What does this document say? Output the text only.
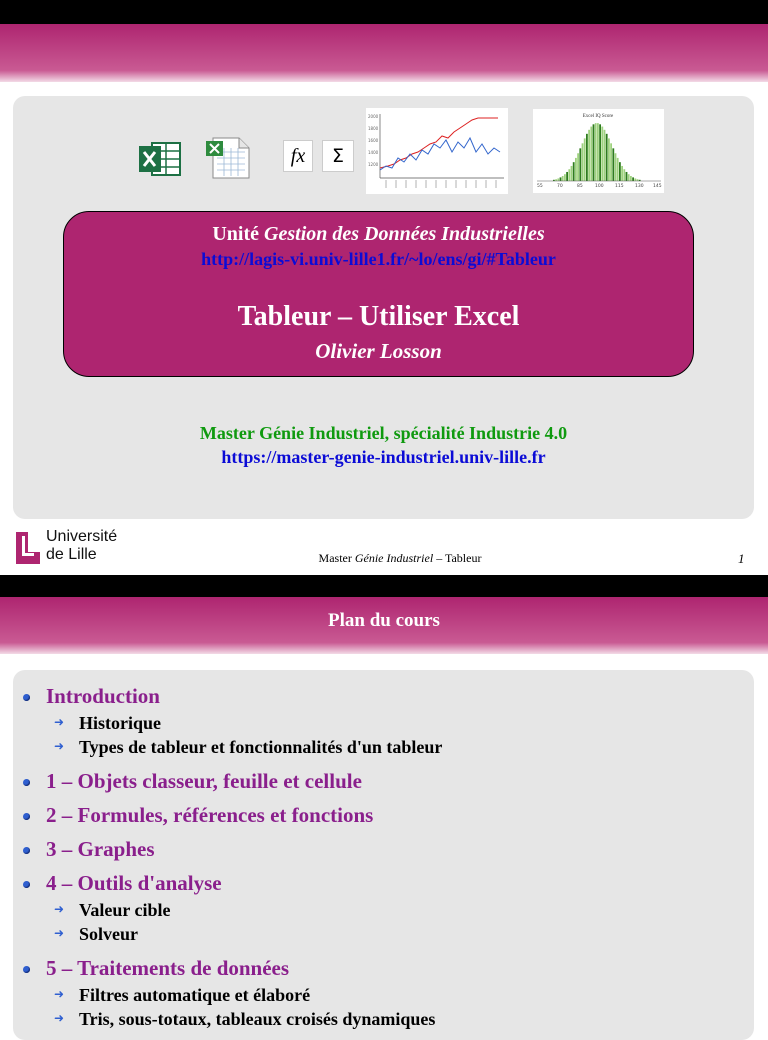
fx	Σ
2000
1800
1600
1400
1200
Excel IQ Score
55	70	85	100	115	130 145
Unité Gestion des Données Industrielles
http://lagis-vi.univ-lille1.fr/~lo/ens/gi/#Tableur
Tableur – Utiliser Excel
Olivier Losson
Master Génie Industriel, spécialité Industrie 4.0
https://master-genie-industriel.univ-lille.fr
Université
de Lille	Master Génie Industriel – Tableur	1
Plan du cours
Introduction
➜ Historique
➜ Types de tableur et fonctionnalités d'un tableur
1 – Objets classeur, feuille et cellule
2 – Formules, références et fonctions
3 – Graphes
4 – Outils d'analyse
➜ Valeur cible
➜ Solveur
5 – Traitements de données
➜ Filtres automatique et élaboré
➜ Tris, sous-totaux, tableaux croisés dynamiques
